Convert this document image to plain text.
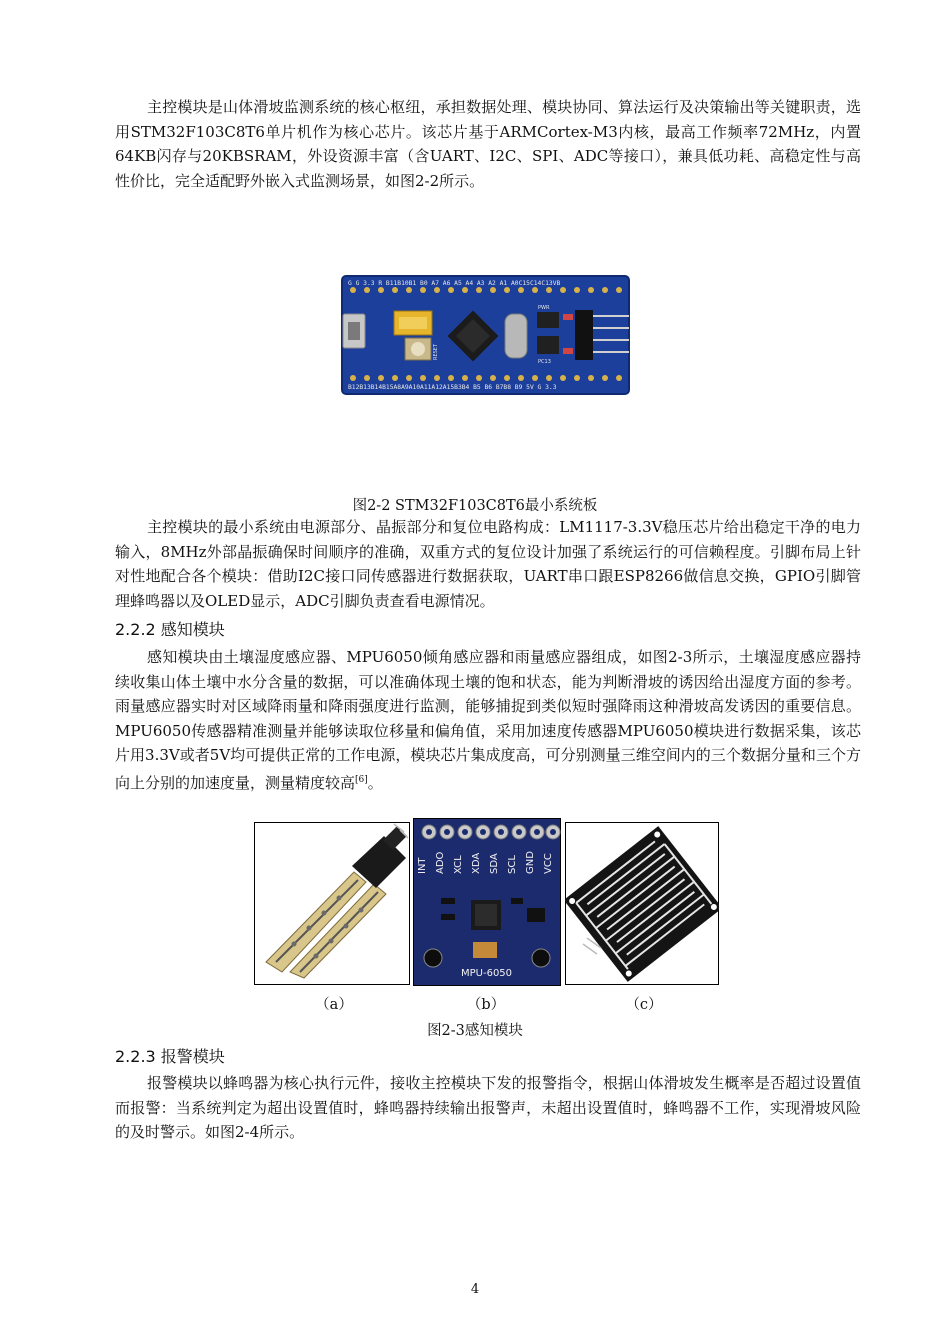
主控模块是山体滑坡监测系统的核心枢纽，承担数据处理、模块协同、算法运行及决策输出等关键职责，选用STM32F103C8T6单片机作为核心芯片。该芯片基于ARMCortex-M3内核，最高工作频率72MHz，内置64KB闪存与20KBSRAM，外设资源丰富（含UART、I2C、SPI、ADC等接口），兼具低功耗、高稳定性与高性价比，完全适配野外嵌入式监测场景，如图2-2所示。

G G 3.3 R B11B10B1 B0 A7 A6 A5 A4 A3 A2 A1 A0C15C14C13VB
B12B13B14B15A8A9A10A11A12A15B3B4 B5 B6 B7B8 B9 5V G 3.3
RESET
PWR
PC13

图2-2 STM32F103C8T6最小系统板

主控模块的最小系统由电源部分、晶振部分和复位电路构成：LM1117-3.3V稳压芯片给出稳定干净的电力输入，8MHz外部晶振确保时间顺序的准确，双重方式的复位设计加强了系统运行的可信赖程度。引脚布局上针对性地配合各个模块：借助I2C接口同传感器进行数据获取，UART串口跟ESP8266做信息交换，GPIO引脚管理蜂鸣器以及OLED显示，ADC引脚负责查看电源情况。

2.2.2 感知模块

感知模块由土壤湿度感应器、MPU6050倾角感应器和雨量感应器组成，如图2-3所示，土壤湿度感应器持续收集山体土壤中水分含量的数据，可以准确体现土壤的饱和状态，能为判断滑坡的诱因给出湿度方面的参考。雨量感应器实时对区域降雨量和降雨强度进行监测，能够捕捉到类似短时强降雨这种滑坡高发诱因的重要信息。MPU6050传感器精准测量并能够读取位移量和偏角值，采用加速度传感器MPU6050模块进行数据采集，该芯片用3.3V或者5V均可提供正常的工作电源，模块芯片集成度高，可分别测量三维空间内的三个数据分量和三个方向上分别的加速度量，测量精度较高[6]。

INT ADO XCL XDA SDA SCL GND VCC
MPU-6050
（a）	（b）	（c）

图2-3感知模块

2.2.3 报警模块

报警模块以蜂鸣器为核心执行元件，接收主控模块下发的报警指令，根据山体滑坡发生概率是否超过设置值而报警：当系统判定为超出设置值时，蜂鸣器持续输出报警声，未超出设置值时，蜂鸣器不工作，实现滑坡风险的及时警示。如图2-4所示。

4
